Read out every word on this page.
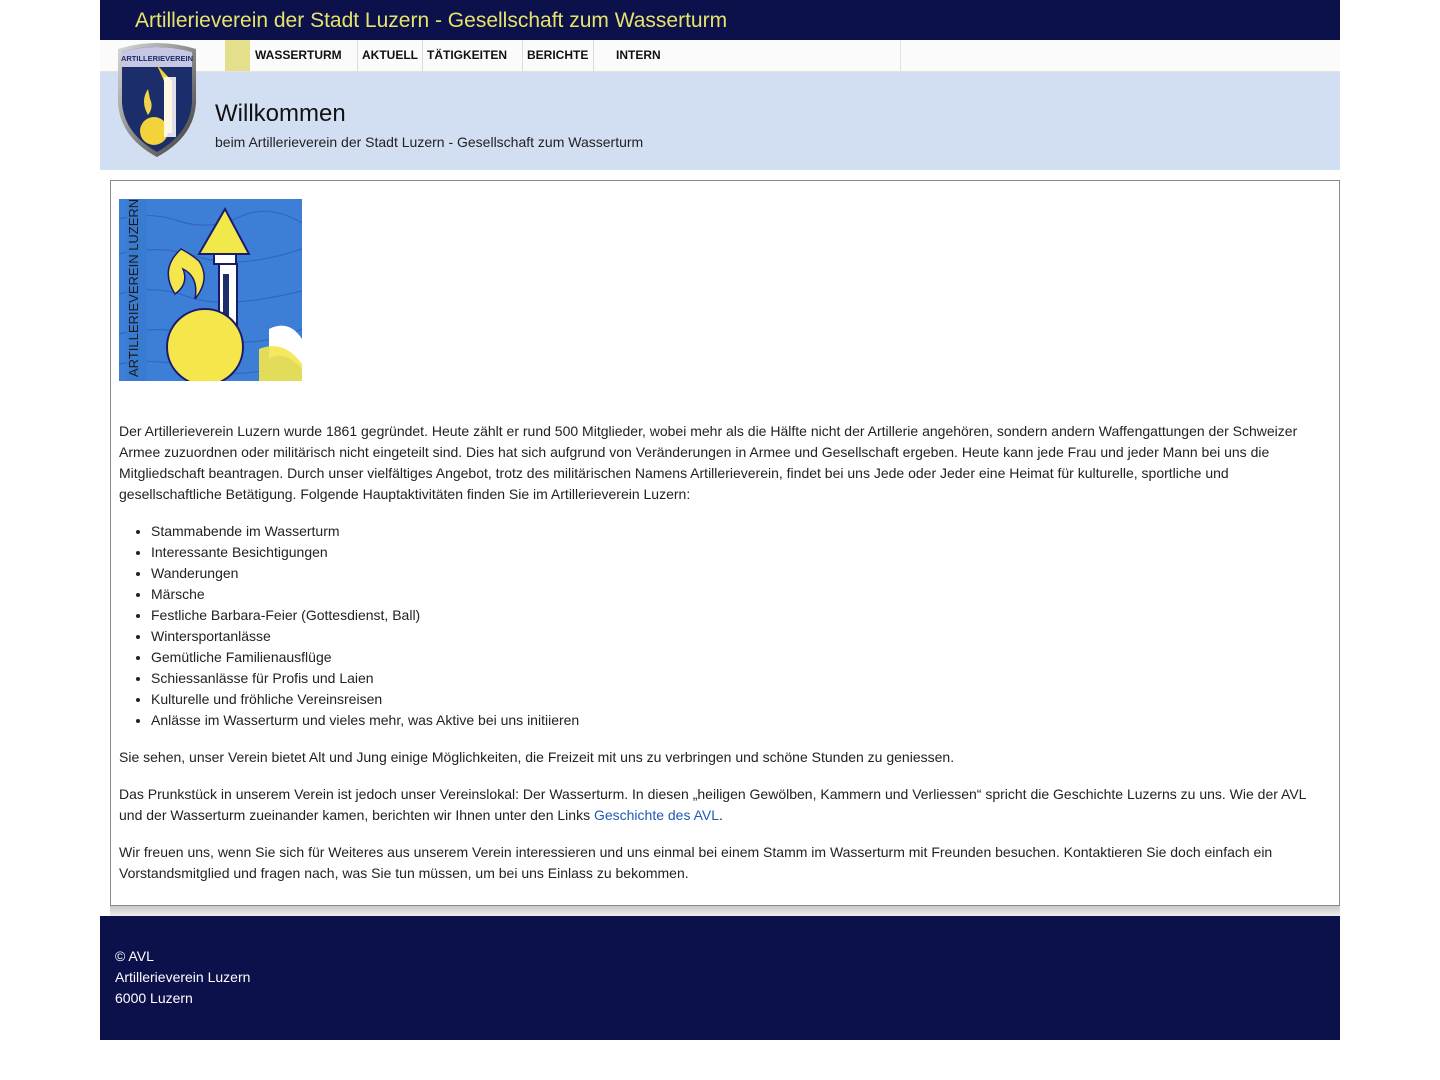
Artillerieverein der Stadt Luzern - Gesellschaft zum Wasserturm
WASSERTURM	AKTUELL TÄTIGKEITEN	BERICHTE	INTERN
ARTILLERIEVEREIN
LUZERN
Willkommen
beim Artillerieverein der Stadt Luzern - Gesellschaft zum Wasserturm
ARTILLERIEVEREIN LUZERN

Der Artillerieverein Luzern wurde 1861 gegründet. Heute zählt er rund 500 Mitglieder, wobei mehr als die Hälfte nicht der Artillerie angehören, sondern andern Waffengattungen der Schweizer Armee zuzuordnen oder militärisch nicht eingeteilt sind. Dies hat sich aufgrund von Veränderungen in Armee und Gesellschaft ergeben. Heute kann jede Frau und jeder Mann bei uns die Mitgliedschaft beantragen. Durch unser vielfältiges Angebot, trotz des militärischen Namens Artillerieverein, findet bei uns Jede oder Jeder eine Heimat für kulturelle, sportliche und gesellschaftliche Betätigung. Folgende Hauptaktivitäten finden Sie im Artillerieverein Luzern:

• Stammabende im Wasserturm
• Interessante Besichtigungen
• Wanderungen
• Märsche
• Festliche Barbara-Feier (Gottesdienst, Ball)
• Wintersportanlässe
• Gemütliche Familienausflüge
• Schiessanlässe für Profis und Laien
• Kulturelle und fröhliche Vereinsreisen
• Anlässe im Wasserturm und vieles mehr, was Aktive bei uns initiieren

Sie sehen, unser Verein bietet Alt und Jung einige Möglichkeiten, die Freizeit mit uns zu verbringen und schöne Stunden zu geniessen.

Das Prunkstück in unserem Verein ist jedoch unser Vereinslokal: Der Wasserturm. In diesen „heiligen Gewölben, Kammern und Verliessen“ spricht die Geschichte Luzerns zu uns. Wie der AVL und der Wasserturm zueinander kamen, berichten wir Ihnen unter den Links Geschichte des AVL.

Wir freuen uns, wenn Sie sich für Weiteres aus unserem Verein interessieren und uns einmal bei einem Stamm im Wasserturm mit Freunden besuchen. Kontaktieren Sie doch einfach ein Vorstandsmitglied und fragen nach, was Sie tun müssen, um bei uns Einlass zu bekommen.

© AVL
Artillerieverein Luzern
6000 Luzern
